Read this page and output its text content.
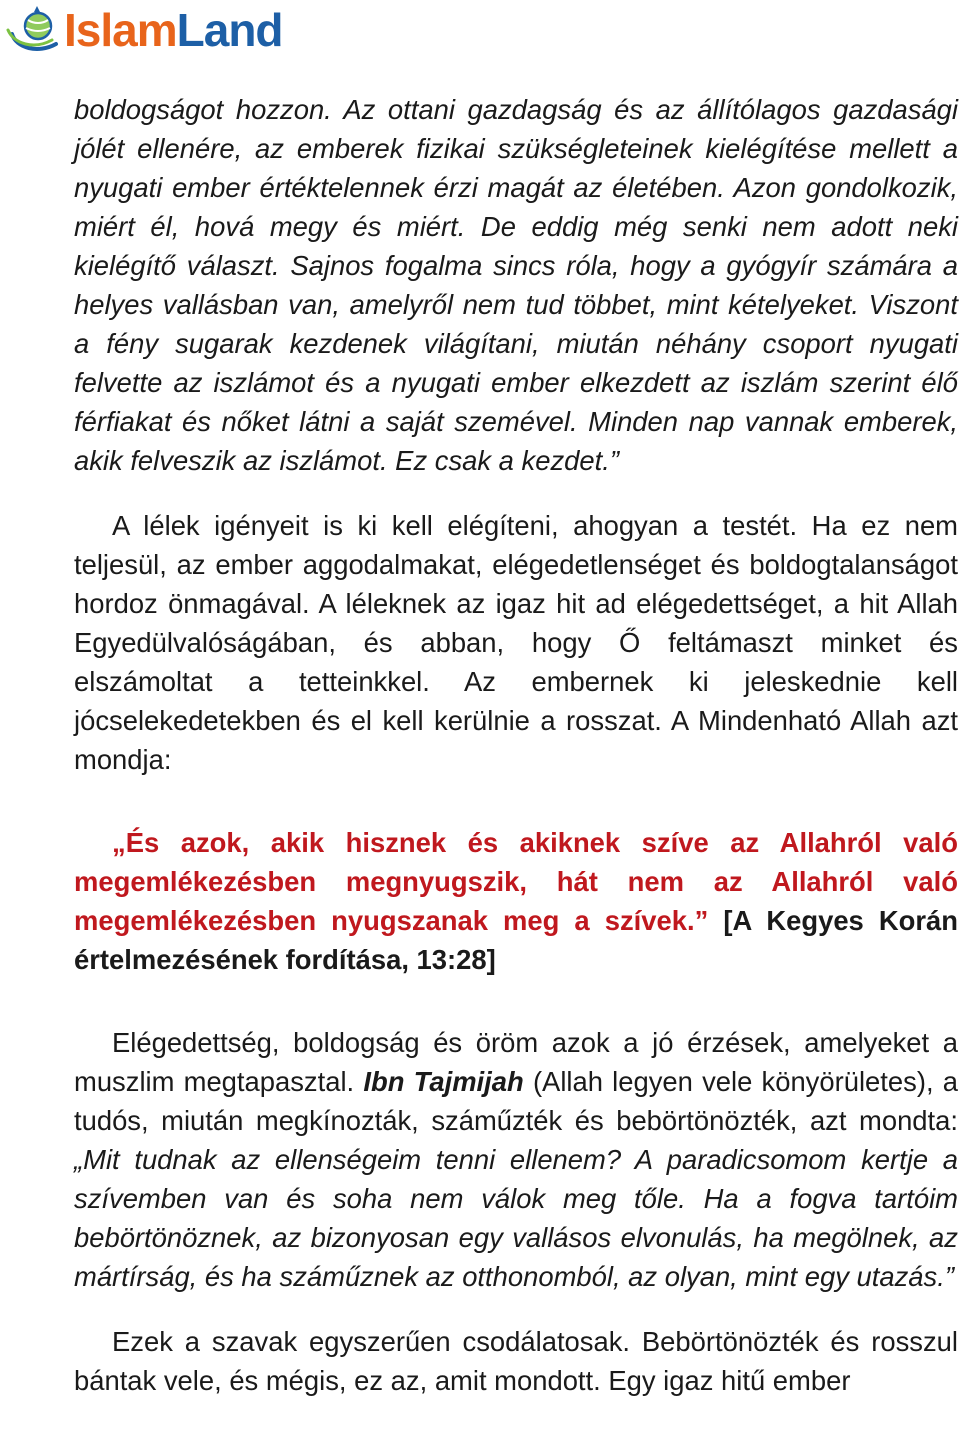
IslamLand

boldogságot hozzon. Az ottani gazdagság és az állítólagos gazdasági jólét ellenére, az emberek fizikai szükségleteinek kielégítése mellett a nyugati ember értéktelennek érzi magát az életében. Azon gondolkozik, miért él, hová megy és miért. De eddig még senki nem adott neki kielégítő választ. Sajnos fogalma sincs róla, hogy a gyógyír számára a helyes vallásban van, amelyről nem tud többet, mint kételyeket. Viszont a fény sugarak kezdenek világítani, miután néhány csoport nyugati felvette az iszlámot és a nyugati ember elkezdett az iszlám szerint élő férfiakat és nőket látni a saját szemével. Minden nap vannak emberek, akik felveszik az iszlámot. Ez csak a kezdet.”

A lélek igényeit is ki kell elégíteni, ahogyan a testét. Ha ez nem teljesül, az ember aggodalmakat, elégedetlenséget és boldogtalanságot hordoz önmagával. A léleknek az igaz hit ad elégedettséget, a hit Allah Egyedülvalóságában, és abban, hogy Ő feltámaszt minket és elszámoltat a tetteinkkel. Az embernek ki jeleskednie kell jócselekedetekben és el kell kerülnie a rosszat. A Mindenható Allah azt mondja:

„És azok, akik hisznek és akiknek szíve az Allahról való megemlékezésben megnyugszik, hát nem az Allahról való megemlékezésben nyugszanak meg a szívek.” [A Kegyes Korán értelmezésének fordítása, 13:28]

Elégedettség, boldogság és öröm azok a jó érzések, amelyeket a muszlim megtapasztal. Ibn Tajmijah (Allah legyen vele könyörületes), a tudós, miután megkínozták, száműzték és bebörtönözték, azt mondta: „Mit tudnak az ellenségeim tenni ellenem? A paradicsomom kertje a szívemben van és soha nem válok meg tőle. Ha a fogva tartóim bebörtönöznek, az bizonyosan egy vallásos elvonulás, ha megölnek, az mártírság, és ha száműznek az otthonomból, az olyan, mint egy utazás.”

Ezek a szavak egyszerűen csodálatosak. Bebörtönözték és rosszul bántak vele, és mégis, ez az, amit mondott. Egy igaz hitű ember
